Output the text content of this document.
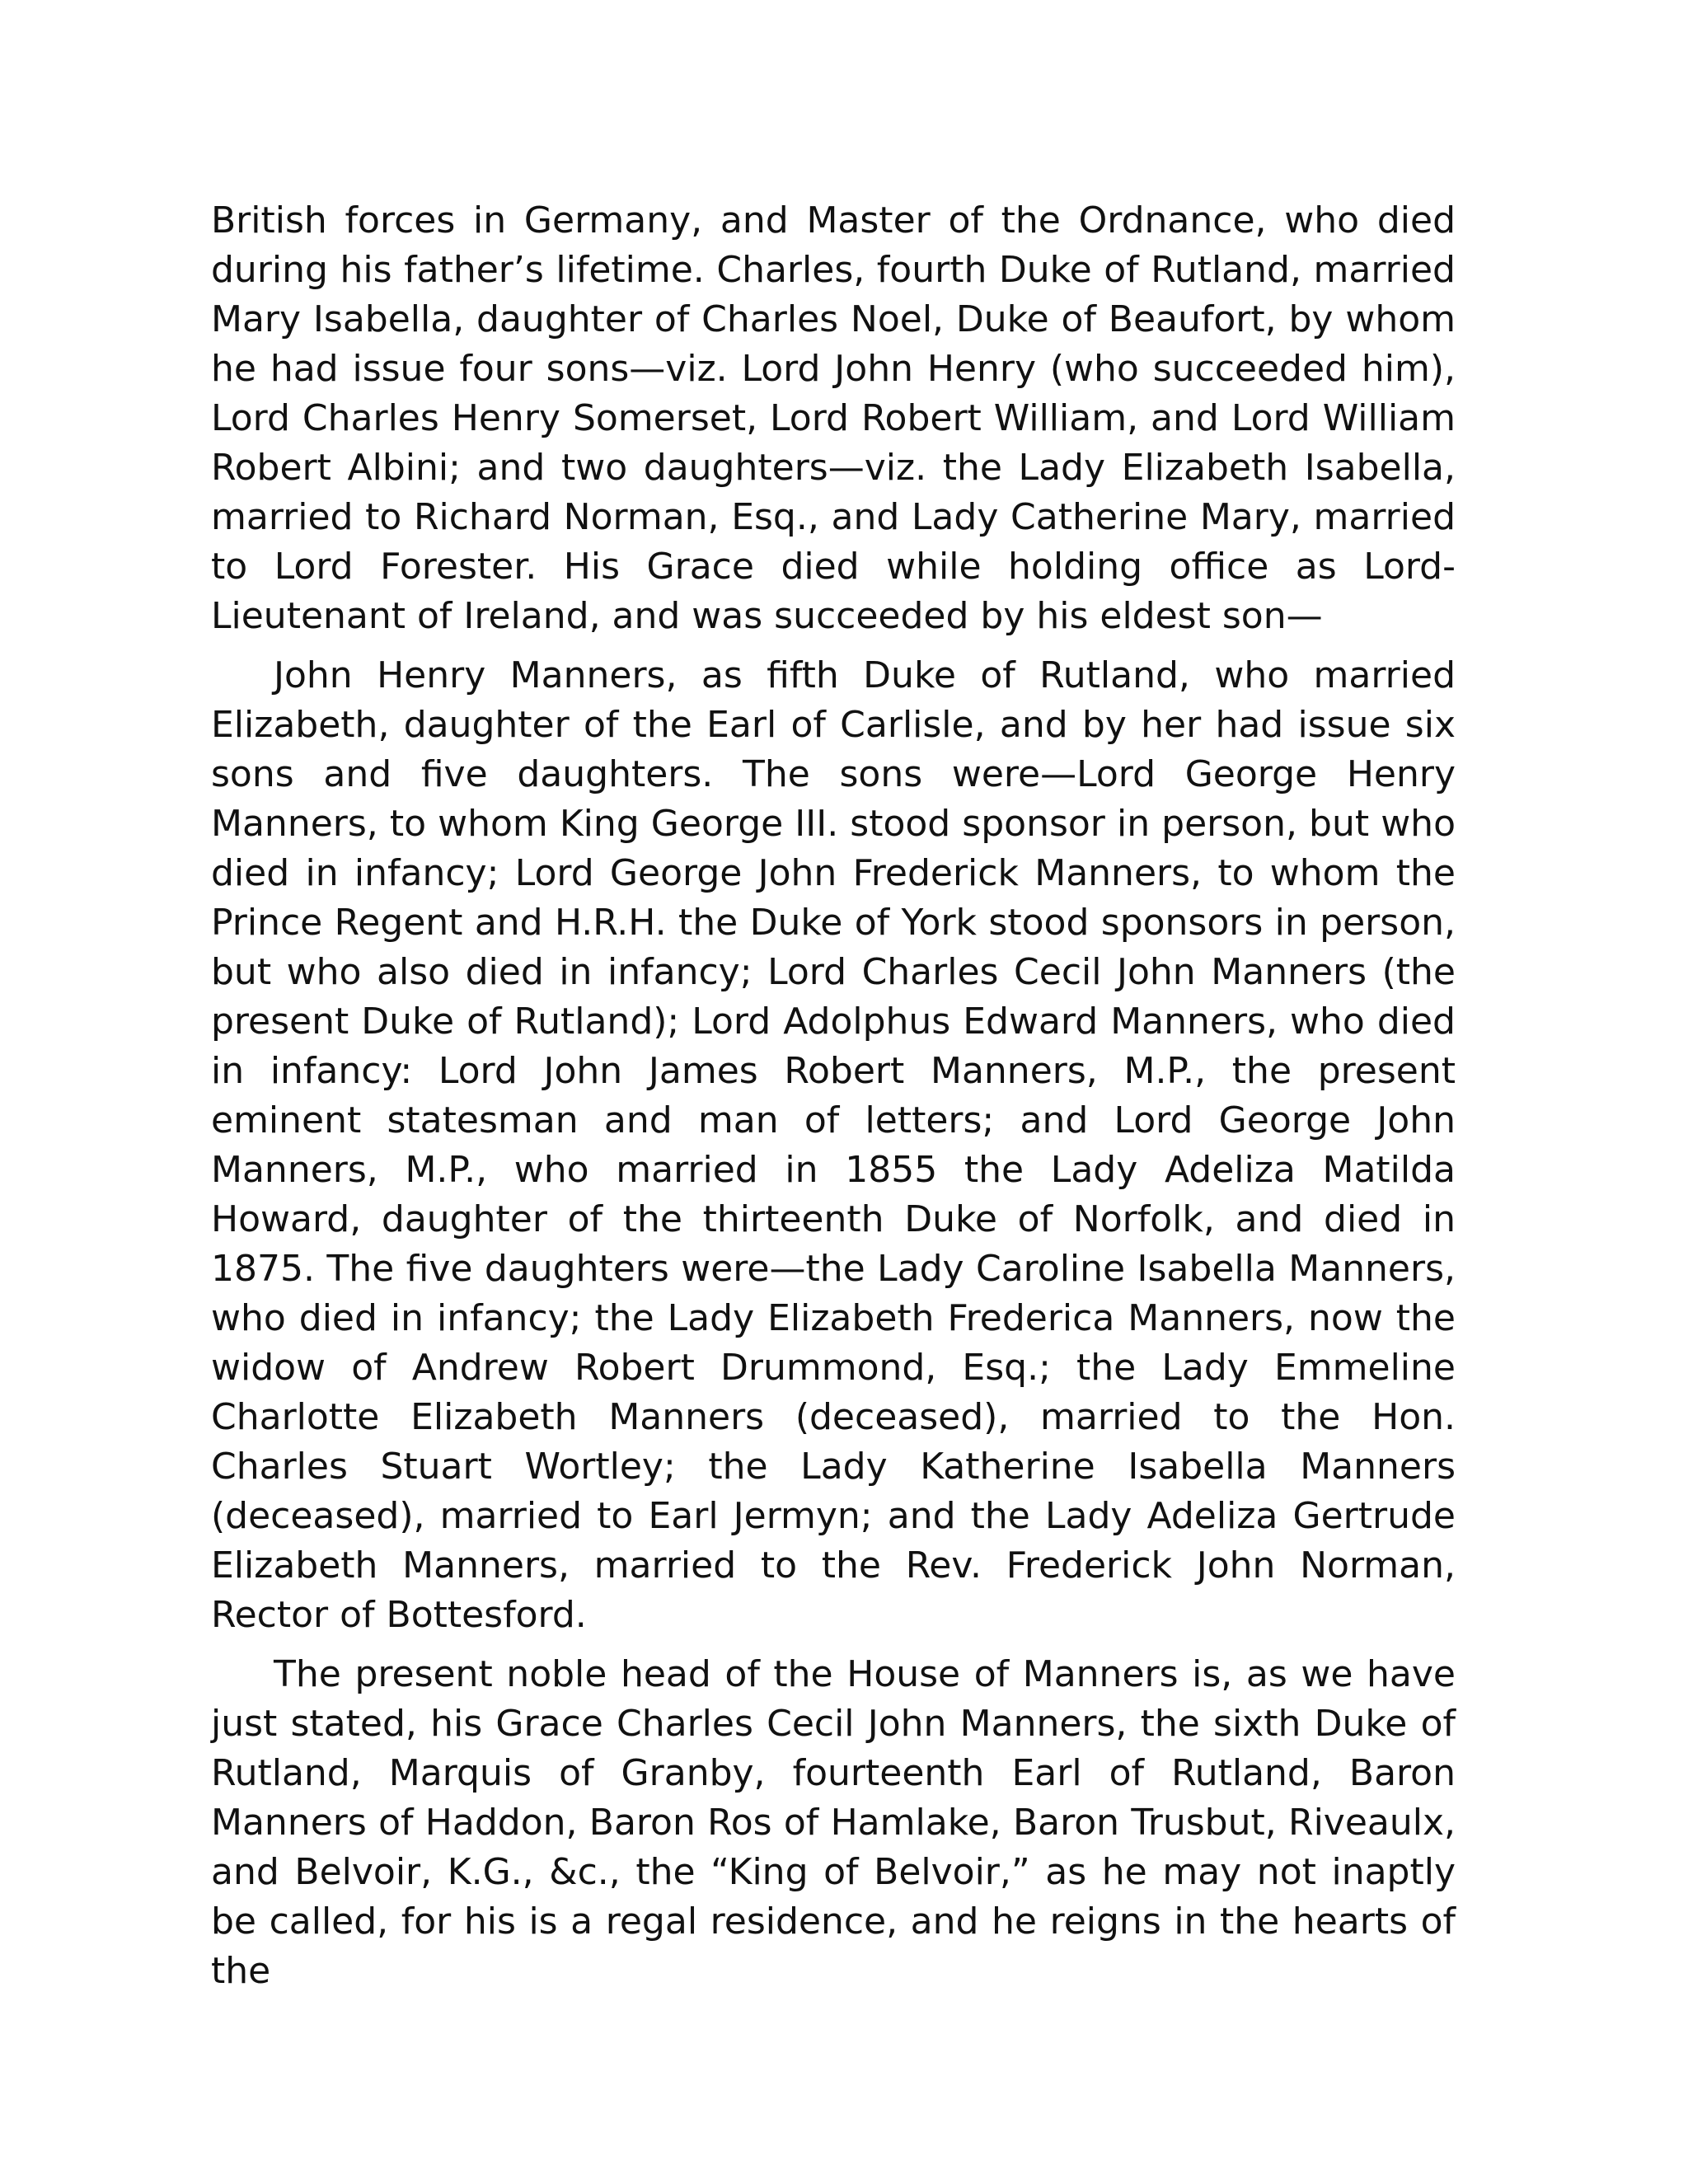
British forces in Germany, and Master of the Ordnance, who died during his father’s lifetime. Charles, fourth Duke of Rutland, married Mary Isabella, daughter of Charles Noel, Duke of Beaufort, by whom he had issue four sons—viz. Lord John Henry (who succeeded him), Lord Charles Henry Somerset, Lord Robert William, and Lord William Robert Albini; and two daughters—viz. the Lady Elizabeth Isabella, married to Richard Norman, Esq., and Lady Catherine Mary, married to Lord Forester. His Grace died while holding office as Lord-Lieutenant of Ireland, and was succeeded by his eldest son—

John Henry Manners, as fifth Duke of Rutland, who married Elizabeth, daughter of the Earl of Carlisle, and by her had issue six sons and five daughters. The sons were—Lord George Henry Manners, to whom King George III. stood sponsor in person, but who died in infancy; Lord George John Frederick Manners, to whom the Prince Regent and H.R.H. the Duke of York stood sponsors in person, but who also died in infancy; Lord Charles Cecil John Manners (the present Duke of Rutland); Lord Adolphus Edward Manners, who died in infancy: Lord John James Robert Manners, M.P., the present eminent statesman and man of letters; and Lord George John Manners, M.P., who married in 1855 the Lady Adeliza Matilda Howard, daughter of the thirteenth Duke of Norfolk, and died in 1875. The five daughters were—the Lady Caroline Isabella Manners, who died in infancy; the Lady Elizabeth Frederica Manners, now the widow of Andrew Robert Drummond, Esq.; the Lady Emmeline Charlotte Elizabeth Manners (deceased), married to the Hon. Charles Stuart Wortley; the Lady Katherine Isabella Manners (deceased), married to Earl Jermyn; and the Lady Adeliza Gertrude Elizabeth Manners, married to the Rev. Frederick John Norman, Rector of Bottesford.

The present noble head of the House of Manners is, as we have just stated, his Grace Charles Cecil John Manners, the sixth Duke of Rutland, Marquis of Granby, fourteenth Earl of Rutland, Baron Manners of Haddon, Baron Ros of Hamlake, Baron Trusbut, Riveaulx, and Belvoir, K.G., &c., the “King of Belvoir,” as he may not inaptly be called, for his is a regal residence, and he reigns in the hearts of the
